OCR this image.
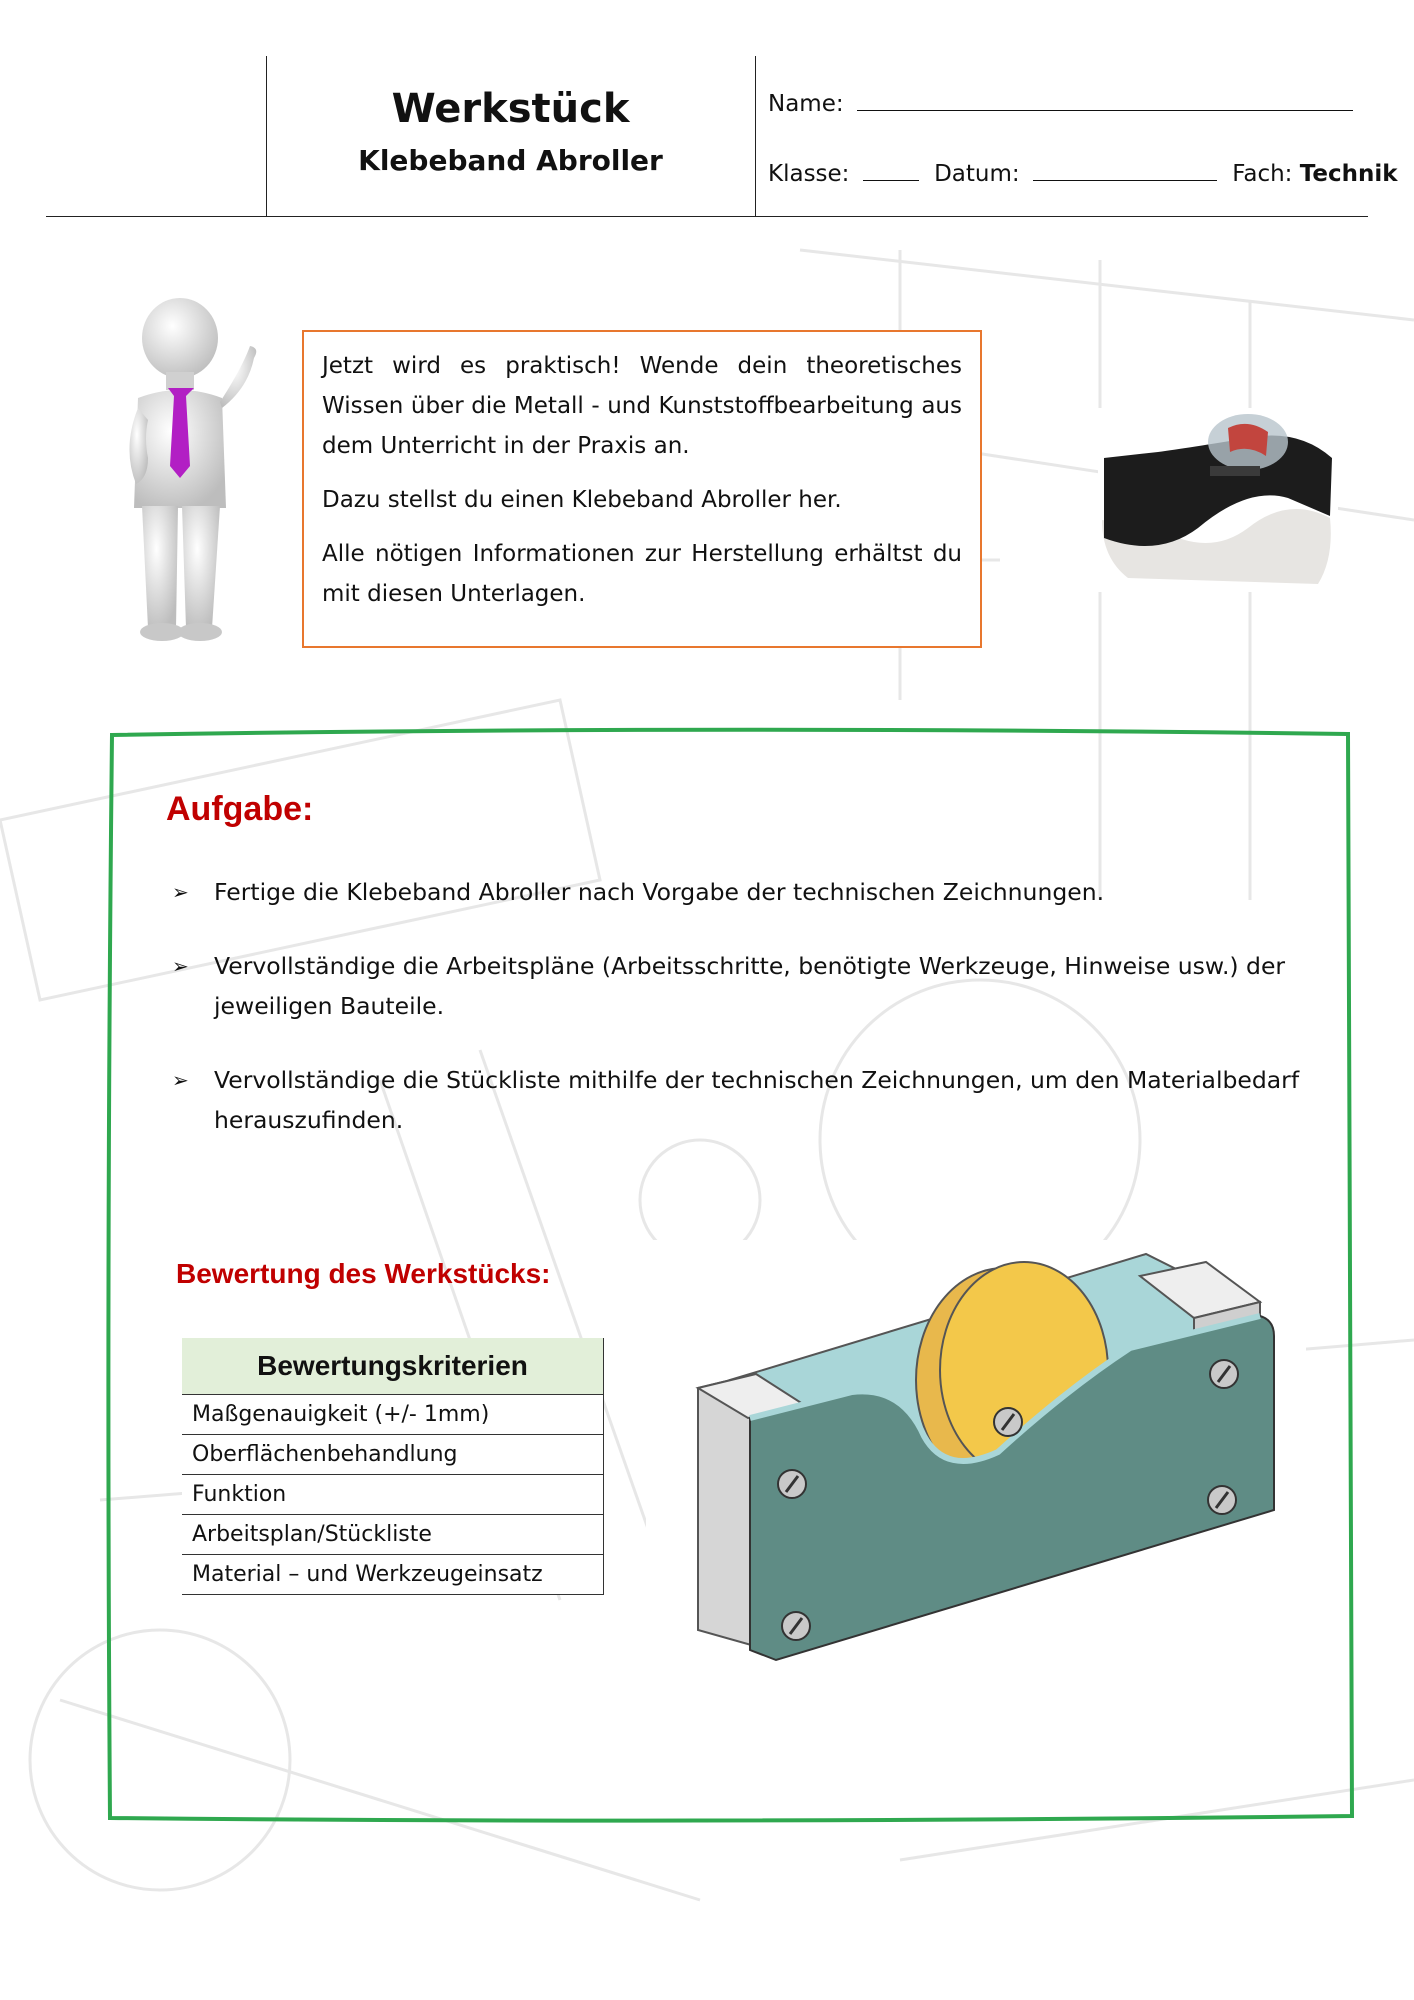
Werkstück
Klebeband Abroller
Name:
Klasse:	Datum:	Fach: Technik

Jetzt wird es praktisch! Wende dein theoretisches Wissen über die Metall - und Kunststoffbearbeitung aus dem Unterricht in der Praxis an.

Dazu stellst du einen Klebeband Abroller her.

Alle nötigen Informationen zur Herstellung erhältst du mit diesen Unterlagen.

Aufgabe:
➢	Fertige die Klebeband Abroller nach Vorgabe der technischen Zeichnungen.
➢	Vervollständige die Arbeitspläne (Arbeitsschritte, benötigte Werkzeuge, Hinweise usw.) der jeweiligen Bauteile.
➢	Vervollständige die Stückliste mithilfe der technischen Zeichnungen, um den Materialbedarf herauszufinden.
Bewertung des Werkstücks:
Bewertungskriterien
Maßgenauigkeit (+/- 1mm)
Oberflächenbehandlung
Funktion
Arbeitsplan/Stückliste
Material – und Werkzeugeinsatz
